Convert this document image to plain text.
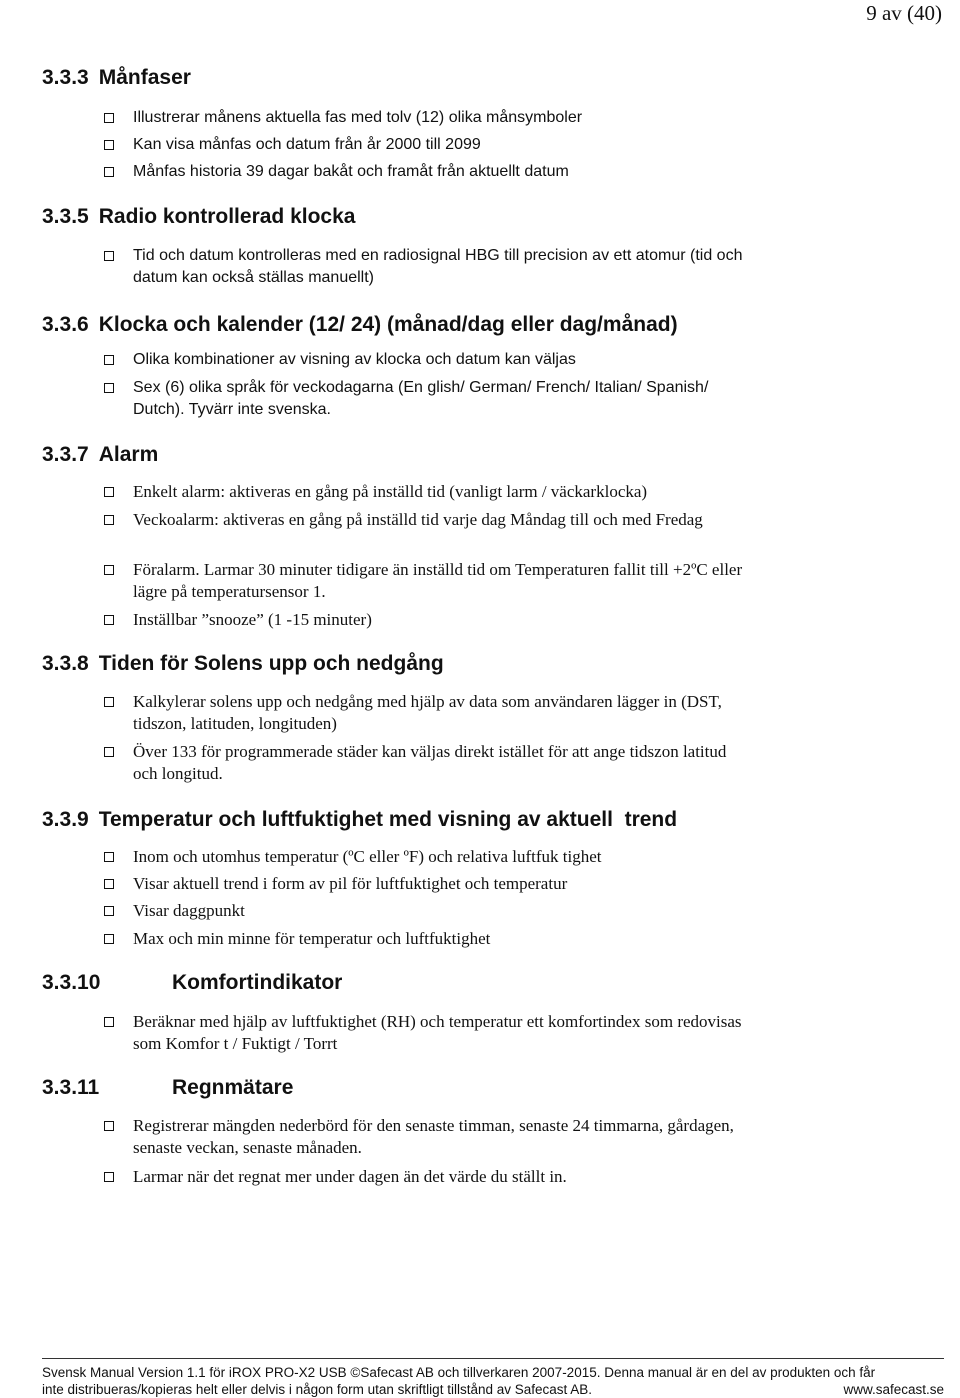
9 av (40)
3.3.3 Månfaser
Illustrerar månens aktuella fas med tolv (12) olika månsymboler
Kan visa månfas och datum från år 2000 till 2099
Månfas historia 39 dagar bakåt och framåt från aktuellt datum
3.3.5 Radio kontrollerad klocka
Tid och datum kontrolleras med en radiosignal HBG till precision av ett atomur (tid och datum kan också ställas manuellt)
3.3.6 Klocka och kalender (12/ 24) (månad/dag eller dag/månad)
Olika kombinationer av visning av klocka och datum kan väljas
Sex (6) olika språk för veckodagarna (En glish/ German/ French/ Italian/ Spanish/ Dutch). Tyvärr inte svenska.
3.3.7 Alarm
Enkelt alarm: aktiveras en gång på inställd tid (vanligt larm / väckarklocka)
Veckoalarm: aktiveras en gång på inställd tid varje dag Måndag till och med Fredag
Föralarm. Larmar 30 minuter tidigare än inställd tid om Temperaturen fallit till +2ºC eller lägre på temperatursensor 1.
Inställbar ”snooze” (1 -15 minuter)
3.3.8 Tiden för Solens upp och nedgång
Kalkylerar solens upp och nedgång med hjälp av data som användaren lägger in (DST, tidszon, latituden, longituden)
Över 133 för programmerade städer kan väljas direkt istället för att ange tidszon latitud och longitud.
3.3.9 Temperatur och luftfuktighet med visning av aktuell  trend
Inom och utomhus temperatur (ºC eller ºF) och relativa luftfuk tighet
Visar aktuell trend i form av pil för luftfuktighet och temperatur
Visar daggpunkt
Max och min minne för temperatur och luftfuktighet
3.3.10	Komfortindikator
Beräknar med hjälp av luftfuktighet (RH) och temperatur ett komfortindex som redovisas som Komfor t / Fuktigt / Torrt
3.3.11	Regnmätare
Registrerar mängden nederbörd för den senaste timman, senaste 24 timmarna, gårdagen, senaste veckan, senaste månaden.
Larmar när det regnat mer under dagen än det värde du ställt in.
Svensk Manual Version 1.1 för iROX PRO-X2 USB ©Safecast AB och tillverkaren 2007-2015. Denna manual är en del av produkten och får
inte distribueras/kopieras helt eller delvis i någon form utan skriftligt tillstånd av Safecast AB.	www.safecast.se
